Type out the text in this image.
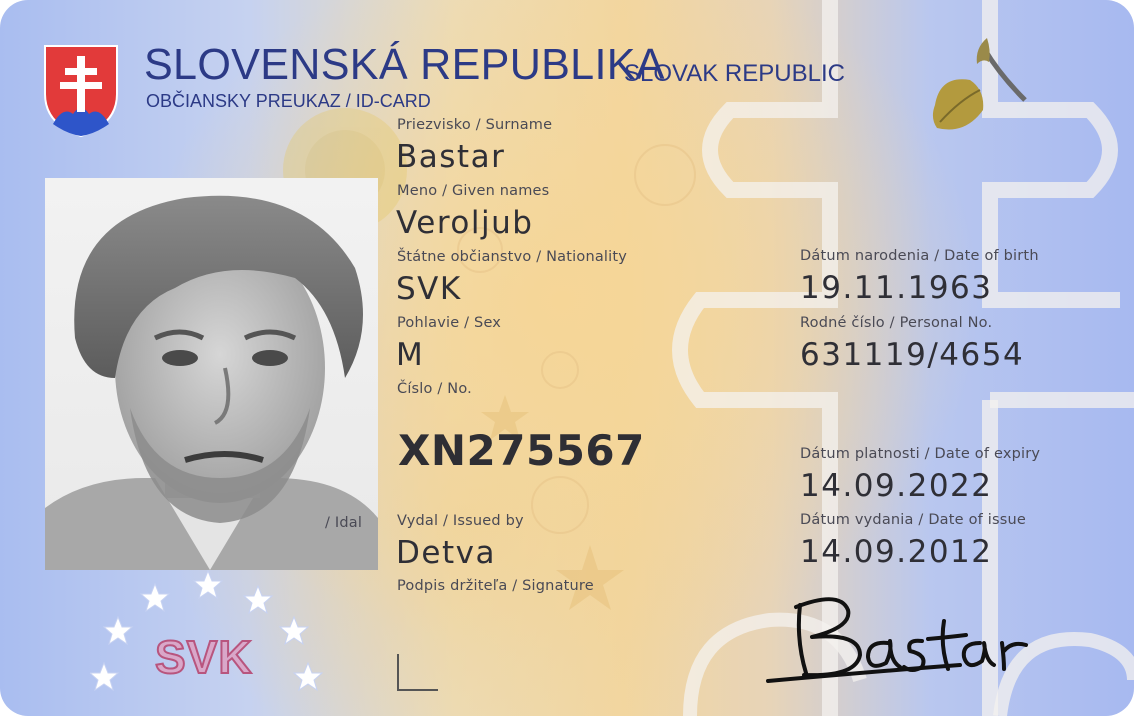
SLOVENSKÁ REPUBLIKA
SLOVAK REPUBLIC
OBČIANSKY PREUKAZ / ID-CARD
/ Idal
Priezvisko / Surname
Bastar
Meno / Given names
Veroljub
Štátne občianstvo / Nationality
SVK
Pohlavie / Sex
M
Číslo / No.
XN275567
Vydal / Issued by
Detva
Podpis držiteľa / Signature
Dátum narodenia / Date of birth
19.11.1963
Rodné číslo / Personal No.
631119/4654
Dátum platnosti / Date of expiry
14.09.2022
Dátum vydania / Date of issue
14.09.2012
SVK
